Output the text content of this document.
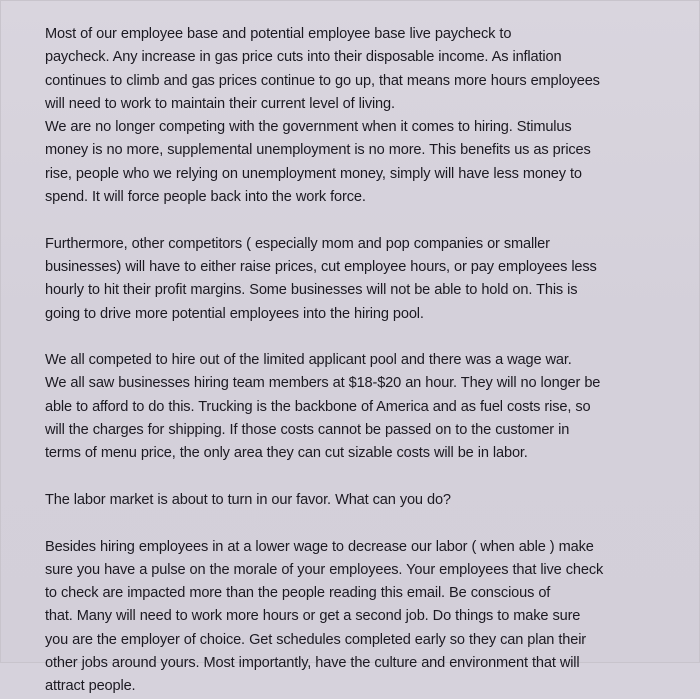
Most of our employee base and potential employee base live paycheck to
paycheck. Any increase in gas price cuts into their disposable income. As inflation
continues to climb and gas prices continue to go up, that means more hours employees
will need to work to maintain their current level of living.
We are no longer competing with the government when it comes to hiring. Stimulus
money is no more, supplemental unemployment is no more. This benefits us as prices
rise, people who we relying on unemployment money, simply will have less money to
spend. It will force people back into the work force.

Furthermore, other competitors ( especially mom and pop companies or smaller
businesses) will have to either raise prices, cut employee hours, or pay employees less
hourly to hit their profit margins. Some businesses will not be able to hold on. This is
going to drive more potential employees into the hiring pool.

We all competed to hire out of the limited applicant pool and there was a wage war.
We all saw businesses hiring team members at $18-$20 an hour. They will no longer be
able to afford to do this. Trucking is the backbone of America and as fuel costs rise, so
will the charges for shipping. If those costs cannot be passed on to the customer in
terms of menu price, the only area they can cut sizable costs will be in labor.

The labor market is about to turn in our favor. What can you do?

Besides hiring employees in at a lower wage to decrease our labor ( when able ) make
sure you have a pulse on the morale of your employees. Your employees that live check
to check are impacted more than the people reading this email. Be conscious of
that. Many will need to work more hours or get a second job. Do things to make sure
you are the employer of choice. Get schedules completed early so they can plan their
other jobs around yours. Most importantly, have the culture and environment that will
attract people.
